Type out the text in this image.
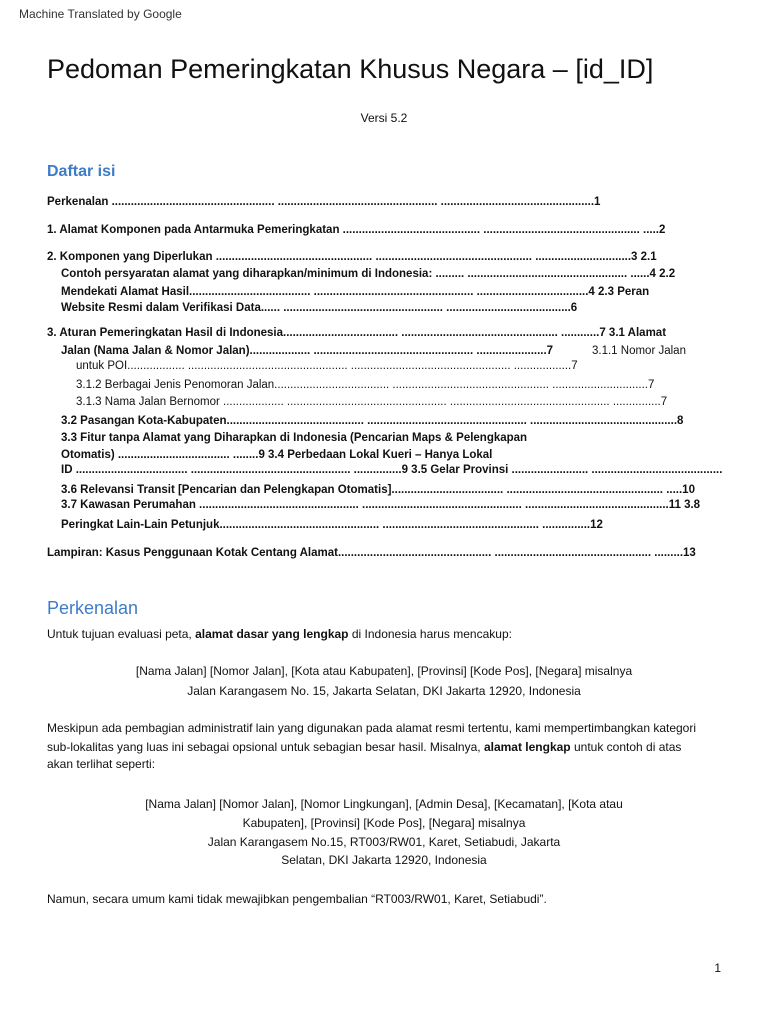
Machine Translated by Google
Pedoman Pemeringkatan Khusus Negara – [id_ID]
Versi 5.2
Daftar isi
Perkenalan ................................................... .................................................. ................................................1
1. Alamat Komponen pada Antarmuka Pemeringkatan ........................................... ................................................. .....2
2. Komponen yang Diperlukan ................................................. ................................................. ..............................3 2.1
Contoh persyaratan alamat yang diharapkan/minimum di Indonesia: ......... .................................................. ......4 2.2
Mendekati Alamat Hasil...................................... .................................................. ...................................4 2.3 Peran
Website Resmi dalam Verifikasi Data...... .................................................. .......................................6
3. Aturan Pemeringkatan Hasil di Indonesia.................................... ................................................. ............7 3.1 Alamat
Jalan (Nama Jalan & Nomor Jalan)................... .................................................. ......................7	3.1.1 Nomor Jalan
untuk POI.................. .................................................. .................................................. ..................7
3.1.2 Berbagai Jenis Penomoran Jalan.................................... ................................................. ..............................7
3.1.3 Nama Jalan Bernomor ................... .................................................. .................................................. ...............7
3.2 Pasangan Kota-Kabupaten........................................... .................................................. ..............................................8
3.3 Fitur tanpa Alamat yang Diharapkan di Indonesia (Pencarian Maps & Pelengkapan
Otomatis) ................................... ........9 3.4 Perbedaan Lokal Kueri – Hanya Lokal
ID ................................... .................................................. ...............9 3.5 Gelar Provinsi ........................ .........................................
3.6 Relevansi Transit [Pencarian dan Pelengkapan Otomatis]................................... ................................................. .....10
3.7 Kawasan Perumahan .................................................. .................................................. .............................................11 3.8
Peringkat Lain-Lain Petunjuk.................................................. ................................................. ...............12
Lampiran: Kasus Penggunaan Kotak Centang Alamat................................................ ................................................. .........13
Perkenalan
Untuk tujuan evaluasi peta, alamat dasar yang lengkap di Indonesia harus mencakup:
[Nama Jalan] [Nomor Jalan], [Kota atau Kabupaten], [Provinsi] [Kode Pos], [Negara] misalnya
Jalan Karangasem No. 15, Jakarta Selatan, DKI Jakarta 12920, Indonesia
Meskipun ada pembagian administratif lain yang digunakan pada alamat resmi tertentu, kami mempertimbangkan kategori
sub-lokalitas yang luas ini sebagai opsional untuk sebagian besar hasil. Misalnya, alamat lengkap untuk contoh di atas
akan terlihat seperti:
[Nama Jalan] [Nomor Jalan], [Nomor Lingkungan], [Admin Desa], [Kecamatan], [Kota atau
Kabupaten], [Provinsi] [Kode Pos], [Negara] misalnya
Jalan Karangasem No.15, RT003/RW01, Karet, Setiabudi, Jakarta
Selatan, DKI Jakarta 12920, Indonesia
Namun, secara umum kami tidak mewajibkan pengembalian “RT003/RW01, Karet, Setiabudi”.
1
